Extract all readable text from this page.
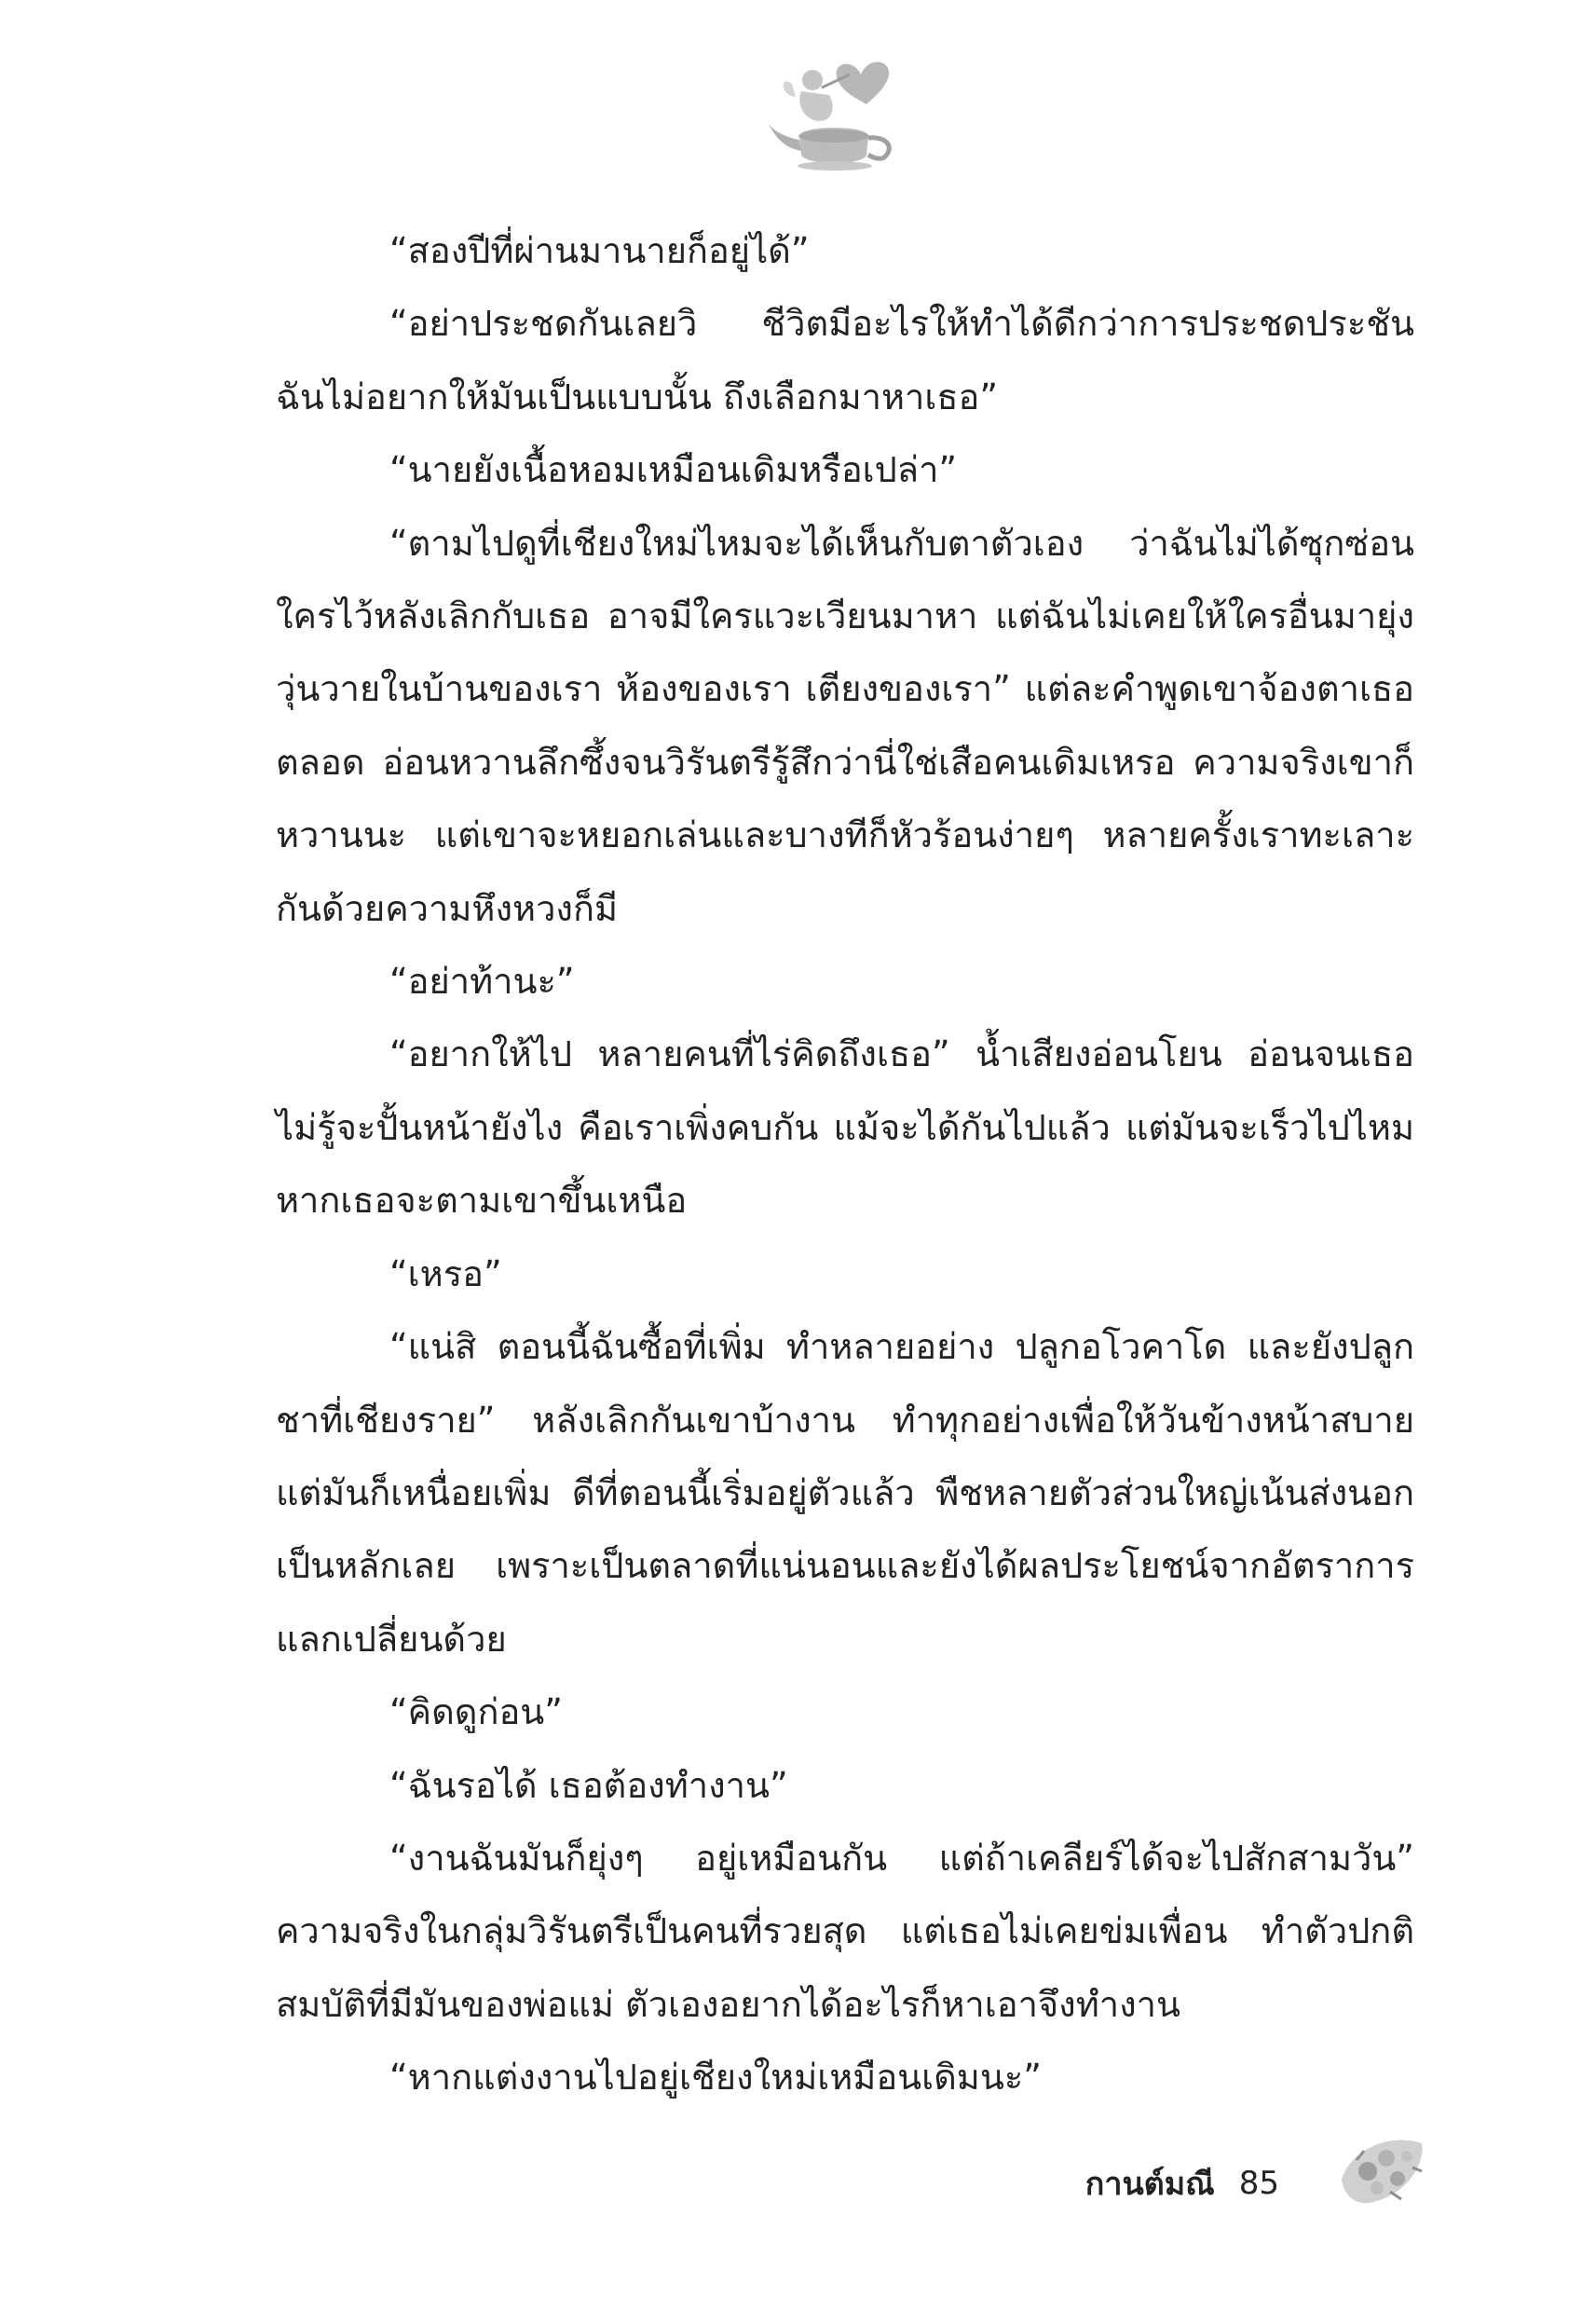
“สองปีที่ผ่านมานายก็อยู่ได้”

“อย่าประชดกันเลยวิ ชีวิตมีอะไรให้ทำได้ดีกว่าการประชดประชัน ฉันไม่อยากให้มันเป็นแบบนั้น ถึงเลือกมาหาเธอ”

“นายยังเนื้อหอมเหมือนเดิมหรือเปล่า”

“ตามไปดูที่เชียงใหม่ไหมจะได้เห็นกับตาตัวเอง ว่าฉันไม่ได้ซุกซ่อนใครไว้หลังเลิกกับเธอ อาจมีใครแวะเวียนมาหา แต่ฉันไม่เคยให้ใครอื่นมายุ่งวุ่นวายในบ้านของเรา ห้องของเรา เตียงของเรา” แต่ละคำพูดเขาจ้องตาเธอตลอด อ่อนหวานลึกซึ้งจนวิรันตรีรู้สึกว่านี่ใช่เสือคนเดิมเหรอ ความจริงเขาก็หวานนะ แต่เขาจะหยอกเล่นและบางทีก็หัวร้อนง่ายๆ หลายครั้งเราทะเลาะกันด้วยความหึงหวงก็มี

“อย่าท้านะ”

“อยากให้ไป หลายคนที่ไร่คิดถึงเธอ” น้ำเสียงอ่อนโยน อ่อนจนเธอไม่รู้จะปั้นหน้ายังไง คือเราเพิ่งคบกัน แม้จะได้กันไปแล้ว แต่มันจะเร็วไปไหมหากเธอจะตามเขาขึ้นเหนือ

“เหรอ”

“แน่สิ ตอนนี้ฉันซื้อที่เพิ่ม ทำหลายอย่าง ปลูกอโวคาโด และยังปลูกชาที่เชียงราย” หลังเลิกกันเขาบ้างาน ทำทุกอย่างเพื่อให้วันข้างหน้าสบาย แต่มันก็เหนื่อยเพิ่ม ดีที่ตอนนี้เริ่มอยู่ตัวแล้ว พืชหลายตัวส่วนใหญ่เน้นส่งนอกเป็นหลักเลย เพราะเป็นตลาดที่แน่นอนและยังได้ผลประโยชน์จากอัตราการแลกเปลี่ยนด้วย

“คิดดูก่อน”

“ฉันรอได้ เธอต้องทำงาน”

“งานฉันมันก็ยุ่งๆ อยู่เหมือนกัน แต่ถ้าเคลียร์ได้จะไปสักสามวัน” ความจริงในกลุ่มวิรันตรีเป็นคนที่รวยสุด แต่เธอไม่เคยข่มเพื่อน ทำตัวปกติ สมบัติที่มีมันของพ่อแม่ ตัวเองอยากได้อะไรก็หาเอาจึงทำงาน

“หากแต่งงานไปอยู่เชียงใหม่เหมือนเดิมนะ”

กานต์มณี 85
